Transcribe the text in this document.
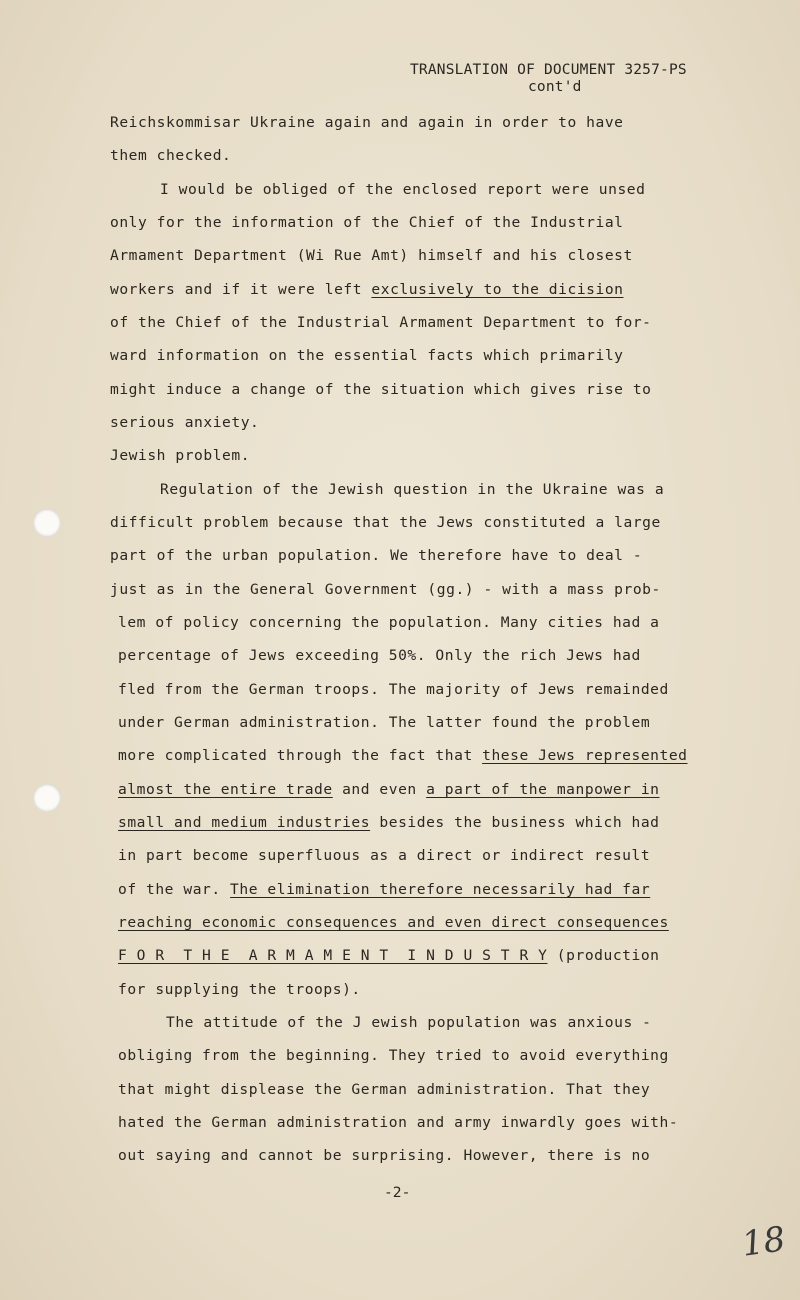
TRANSLATION OF DOCUMENT 3257-PS
cont'd
Reichskommisar Ukraine again and again in order to have
them checked.
I would be obliged of the enclosed report were unsed
only for the information of the Chief of the Industrial
Armament Department (Wi Rue Amt) himself and his closest
workers and if it were left exclusively to the dicision
of the Chief of the Industrial Armament Department to for-
ward information on the essential facts which primarily
might induce a change of the situation which gives rise to
serious anxiety.
Jewish problem.
Regulation of the Jewish question in the Ukraine was a
difficult problem because that the Jews constituted a large
part of the urban population. We therefore have to deal -
just as in the General Government (gg.) - with a mass prob-
lem of policy concerning the population. Many cities had a
percentage of Jews exceeding 50%. Only the rich Jews had
fled from the German troops. The majority of Jews remainded
under German administration. The latter found the problem
more complicated through the fact that these Jews represented
almost the entire trade and even a part of the manpower in
small and medium industries besides the business which had
in part become superfluous as a direct or indirect result
of the war. The elimination therefore necessarily had far
reaching economic consequences and even direct consequences
F O R  T H E  A R M A M E N T  I N D U S T R Y (production
for supplying the troops).
The attitude of the J ewish population was anxious -
obliging from the beginning. They tried to avoid everything
that might displease the German administration. That they
hated the German administration and army inwardly goes with-
out saying and cannot be surprising. However, there is no
-2-
18
